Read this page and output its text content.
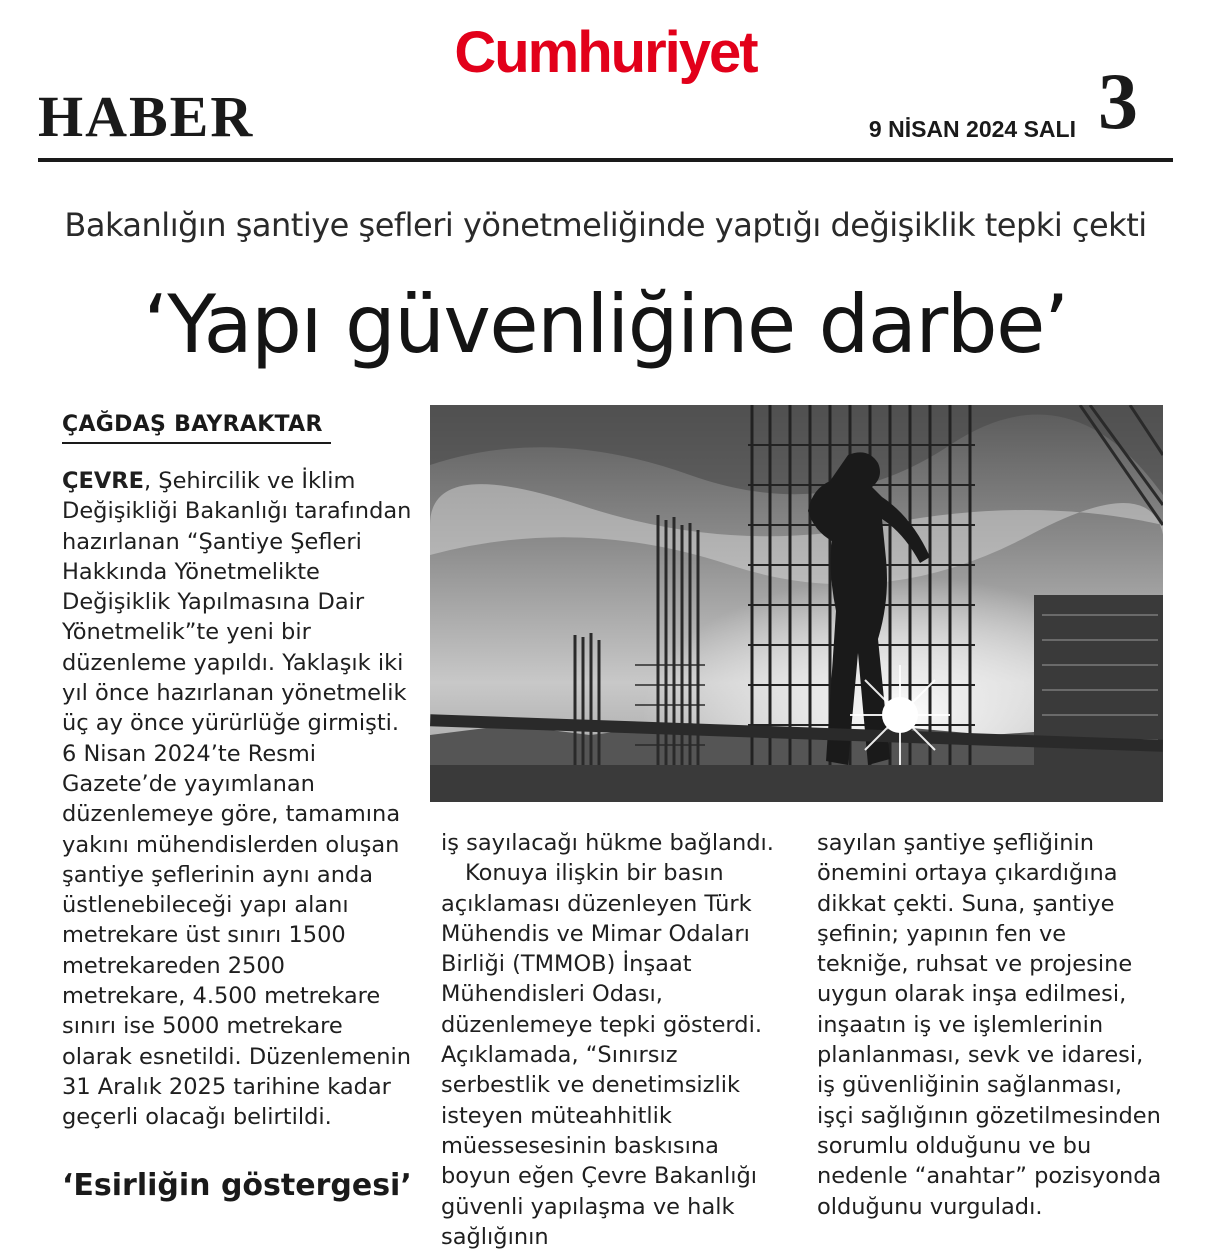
Cumhuriyet
HABER	9 NİSAN 2024 SALI 3
Bakanlığın şantiye şefleri yönetmeliğinde yaptığı değişiklik tepki çekti
‘Yapı güvenliğine darbe’
ÇAĞDAŞ BAYRAKTAR

ÇEVRE, Şehircilik ve İklim Değişikliği Bakanlığı tarafından hazırlanan “Şantiye Şefleri Hakkında Yönetmelikte Değişiklik Yapılmasına Dair Yönetmelik”te yeni bir düzenleme yapıldı. Yaklaşık iki yıl önce hazırlanan yönetmelik üç ay önce yürürlüğe girmişti. 6 Nisan 2024’te Resmi Gazete’de yayımlanan düzenlemeye göre, tamamına yakını mühendislerden oluşan şantiye şeflerinin aynı anda üstlenebileceği yapı alanı metrekare üst sınırı 1500 metrekareden 2500 metrekare, 4.500 metrekare sınırı ise 5000 metrekare olarak esnetildi. Düzenlemenin 31 Aralık 2025 tarihine kadar geçerli olacağı belirtildi.

‘Esirliğin göstergesi’

iş sayılacağı hükme bağlandı.

Konuya ilişkin bir basın açıklaması düzenleyen Türk Mühendis ve Mimar Odaları Birliği (TMMOB) İnşaat Mühendisleri Odası, düzenlemeye tepki gösterdi. Açıklamada, “Sınırsız serbestlik ve denetimsizlik isteyen müteahhitlik müessesesinin baskısına boyun eğen Çevre Bakanlığı güvenli yapılaşma ve halk sağlığının

sayılan şantiye şefliğinin önemini ortaya çıkardığına dikkat çekti. Suna, şantiye şefinin; yapının fen ve tekniğe, ruhsat ve projesine uygun olarak inşa edilmesi, inşaatın iş ve işlemlerinin planlanması, sevk ve idaresi, iş güvenliğinin sağlanması, işçi sağlığının gözetilmesinden sorumlu olduğunu ve bu nedenle “anahtar” pozisyonda olduğunu vurguladı.
